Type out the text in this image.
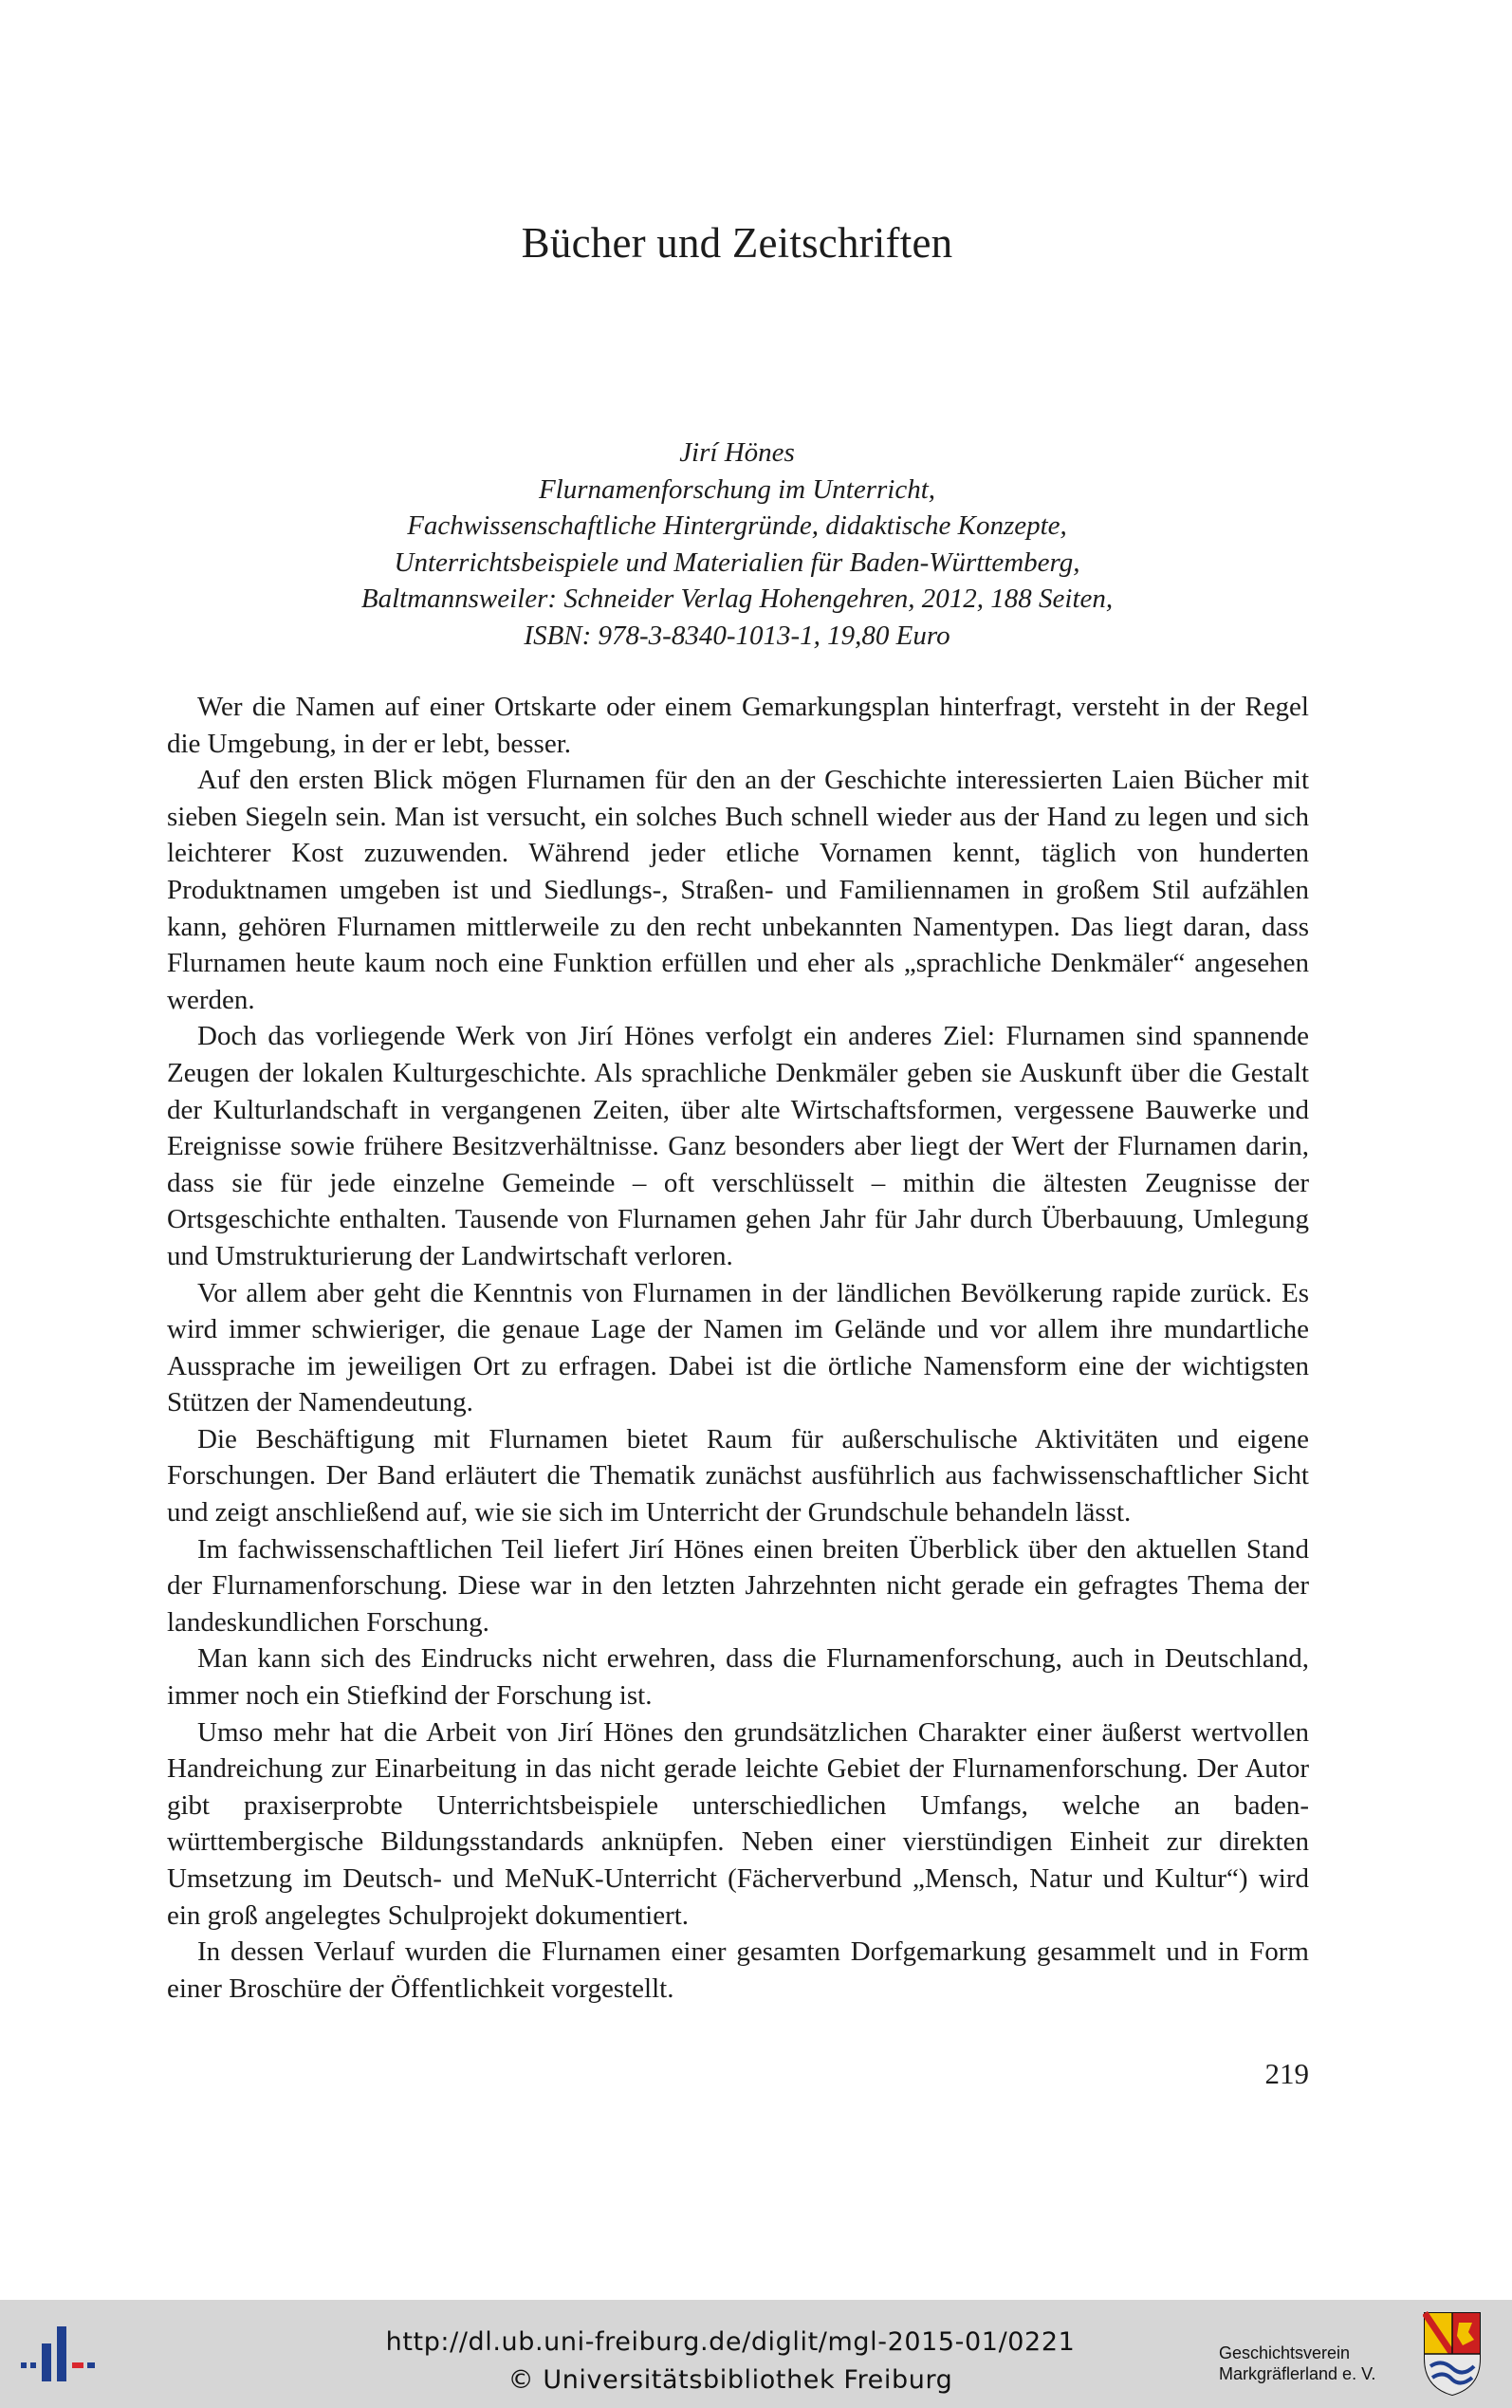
Bücher und Zeitschriften
Jirí Hönes
Flurnamenforschung im Unterricht,
Fachwissenschaftliche Hintergründe, didaktische Konzepte,
Unterrichtsbeispiele und Materialien für Baden-Württemberg,
Baltmannsweiler: Schneider Verlag Hohengehren, 2012, 188 Seiten,
ISBN: 978-3-8340-1013-1, 19,80 Euro

Wer die Namen auf einer Ortskarte oder einem Gemarkungsplan hinterfragt, versteht in der Regel die Umgebung, in der er lebt, besser.

Auf den ersten Blick mögen Flurnamen für den an der Geschichte interessierten Laien Bücher mit sieben Siegeln sein. Man ist versucht, ein solches Buch schnell wieder aus der Hand zu legen und sich leichterer Kost zuzuwenden. Während jeder etliche Vornamen kennt, täglich von hunderten Produktnamen umgeben ist und Siedlungs-, Straßen- und Familiennamen in großem Stil aufzählen kann, gehören Flurnamen mittlerweile zu den recht unbekannten Namentypen. Das liegt daran, dass Flurnamen heute kaum noch eine Funktion erfüllen und eher als „sprachliche Denkmäler“ angesehen werden.

Doch das vorliegende Werk von Jirí Hönes verfolgt ein anderes Ziel: Flurnamen sind spannende Zeugen der lokalen Kulturgeschichte. Als sprachliche Denkmäler geben sie Auskunft über die Gestalt der Kulturlandschaft in vergangenen Zeiten, über alte Wirtschaftsformen, vergessene Bauwerke und Ereignisse sowie frühere Besitzverhältnisse. Ganz besonders aber liegt der Wert der Flurnamen darin, dass sie für jede einzelne Gemeinde – oft verschlüsselt – mithin die ältesten Zeugnisse der Ortsgeschichte enthalten. Tausende von Flurnamen gehen Jahr für Jahr durch Überbauung, Umlegung und Umstrukturierung der Landwirtschaft verloren.

Vor allem aber geht die Kenntnis von Flurnamen in der ländlichen Bevölkerung rapide zurück. Es wird immer schwieriger, die genaue Lage der Namen im Gelände und vor allem ihre mundartliche Aussprache im jeweiligen Ort zu erfragen. Dabei ist die örtliche Namensform eine der wichtigsten Stützen der Namendeutung.

Die Beschäftigung mit Flurnamen bietet Raum für außerschulische Aktivitäten und eigene Forschungen. Der Band erläutert die Thematik zunächst ausführlich aus fachwissenschaftlicher Sicht und zeigt anschließend auf, wie sie sich im Unterricht der Grundschule behandeln lässt.

Im fachwissenschaftlichen Teil liefert Jirí Hönes einen breiten Überblick über den aktuellen Stand der Flurnamenforschung. Diese war in den letzten Jahrzehnten nicht gerade ein gefragtes Thema der landeskundlichen Forschung.

Man kann sich des Eindrucks nicht erwehren, dass die Flurnamenforschung, auch in Deutschland, immer noch ein Stiefkind der Forschung ist.

Umso mehr hat die Arbeit von Jirí Hönes den grundsätzlichen Charakter einer äußerst wertvollen Handreichung zur Einarbeitung in das nicht gerade leichte Gebiet der Flurnamenforschung. Der Autor gibt praxiserprobte Unterrichtsbeispiele unterschiedlichen Umfangs, welche an baden-württembergische Bildungsstandards anknüpfen. Neben einer vierstündigen Einheit zur direkten Umsetzung im Deutsch- und MeNuK-Unterricht (Fächerverbund „Mensch, Natur und Kultur“) wird ein groß angelegtes Schulprojekt dokumentiert.

In dessen Verlauf wurden die Flurnamen einer gesamten Dorfgemarkung gesammelt und in Form einer Broschüre der Öffentlichkeit vorgestellt.

219
http://dl.ub.uni-freiburg.de/diglit/mgl-2015-01/0221
© Universitätsbibliothek Freiburg
Geschichtsverein
Markgräflerland e. V.
